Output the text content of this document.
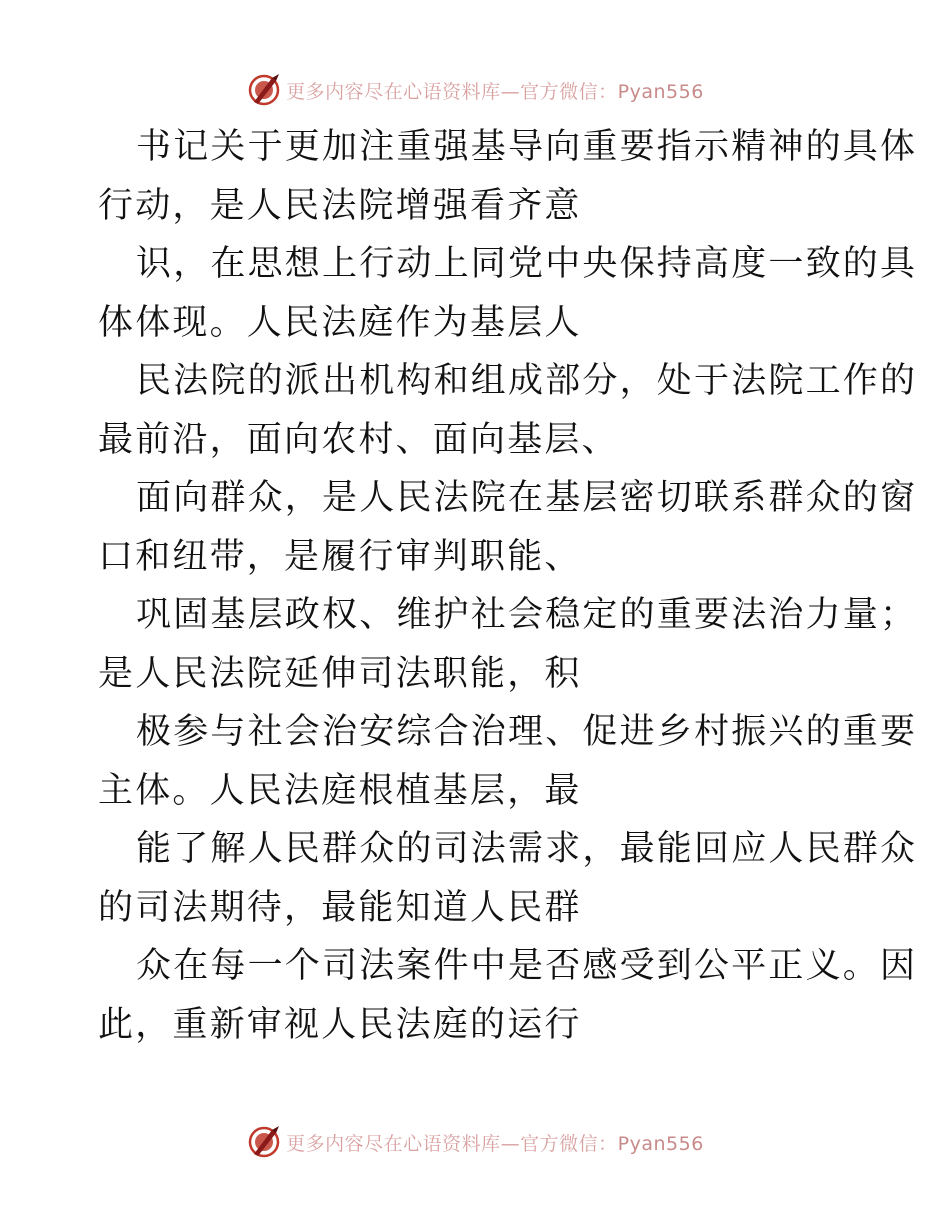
更多内容尽在心语资料库—官方微信：Pyan556
书记关于更加注重强基导向重要指示精神的具体
行动，是人民法院增强看齐意
识，在思想上行动上同党中央保持高度一致的具
体体现。人民法庭作为基层人
民法院的派出机构和组成部分，处于法院工作的
最前沿，面向农村、面向基层、
面向群众，是人民法院在基层密切联系群众的窗
口和纽带，是履行审判职能、
巩固基层政权、维护社会稳定的重要法治力量；
是人民法院延伸司法职能，积
极参与社会治安综合治理、促进乡村振兴的重要
主体。人民法庭根植基层，最
能了解人民群众的司法需求，最能回应人民群众
的司法期待，最能知道人民群
众在每一个司法案件中是否感受到公平正义。因
此，重新审视人民法庭的运行
更多内容尽在心语资料库—官方微信：Pyan556
